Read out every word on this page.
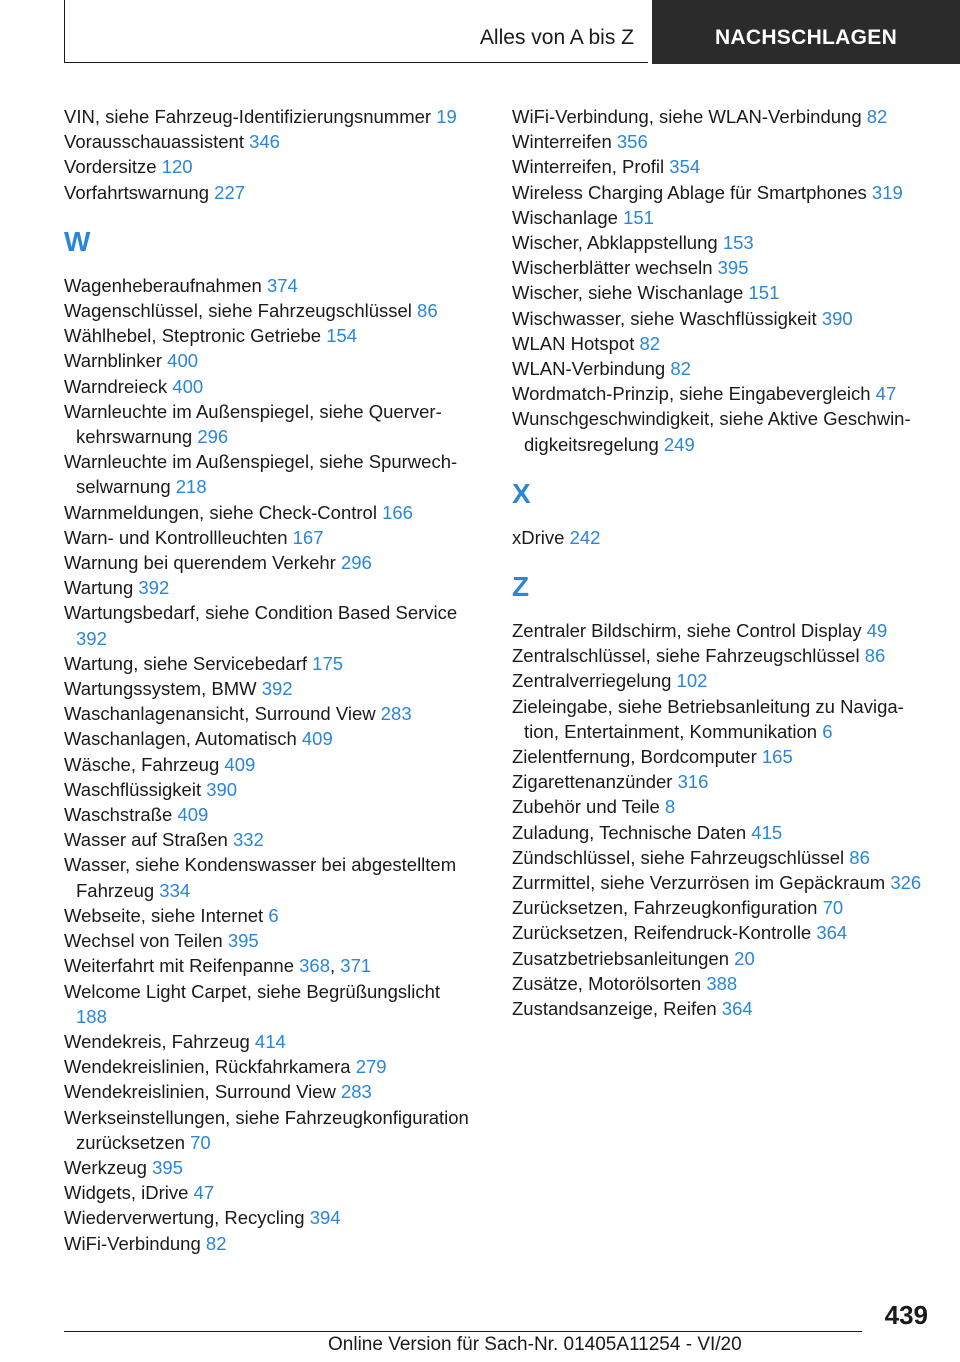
Alles von A bis Z	NACHSCHLAGEN
VIN, siehe Fahrzeug-Identifizierungsnummer 19
Vorausschauassistent 346
Vordersitze 120
Vorfahrtswarnung 227
W
Wagenheberaufnahmen 374
Wagenschlüssel, siehe Fahrzeugschlüssel 86
Wählhebel, Steptronic Getriebe 154
Warnblinker 400
Warndreieck 400
Warnleuchte im Außenspiegel, siehe Querverkehrswarnung 296
Warnleuchte im Außenspiegel, siehe Spurwechselwarnung 218
Warnmeldungen, siehe Check-Control 166
Warn- und Kontrollleuchten 167
Warnung bei querendem Verkehr 296
Wartung 392
Wartungsbedarf, siehe Condition Based Service 392
Wartung, siehe Servicebedarf 175
Wartungssystem, BMW 392
Waschanlagenansicht, Surround View 283
Waschanlagen, Automatisch 409
Wäsche, Fahrzeug 409
Waschflüssigkeit 390
Waschstraße 409
Wasser auf Straßen 332
Wasser, siehe Kondenswasser bei abgestelltem Fahrzeug 334
Webseite, siehe Internet 6
Wechsel von Teilen 395
Weiterfahrt mit Reifenpanne 368, 371
Welcome Light Carpet, siehe Begrüßungslicht 188
Wendekreis, Fahrzeug 414
Wendekreislinien, Rückfahrkamera 279
Wendekreislinien, Surround View 283
Werkseinstellungen, siehe Fahrzeugkonfiguration zurücksetzen 70
Werkzeug 395
Widgets, iDrive 47
Wiederverwertung, Recycling 394
WiFi-Verbindung 82
WiFi-Verbindung, siehe WLAN-Verbindung 82
Winterreifen 356
Winterreifen, Profil 354
Wireless Charging Ablage für Smartphones 319
Wischanlage 151
Wischer, Abklappstellung 153
Wischerblätter wechseln 395
Wischer, siehe Wischanlage 151
Wischwasser, siehe Waschflüssigkeit 390
WLAN Hotspot 82
WLAN-Verbindung 82
Wordmatch-Prinzip, siehe Eingabevergleich 47
Wunschgeschwindigkeit, siehe Aktive Geschwindigkeitsregelung 249
X
xDrive 242
Z
Zentraler Bildschirm, siehe Control Display 49
Zentralschlüssel, siehe Fahrzeugschlüssel 86
Zentralverriegelung 102
Zieleingabe, siehe Betriebsanleitung zu Navigation, Entertainment, Kommunikation 6
Zielentfernung, Bordcomputer 165
Zigarettenanzünder 316
Zubehör und Teile 8
Zuladung, Technische Daten 415
Zündschlüssel, siehe Fahrzeugschlüssel 86
Zurrmittel, siehe Verzurrösen im Gepäckraum 326
Zurücksetzen, Fahrzeugkonfiguration 70
Zurücksetzen, Reifendruck-Kontrolle 364
Zusatzbetriebsanleitungen 20
Zusätze, Motorölsorten 388
Zustandsanzeige, Reifen 364
439
Online Version für Sach-Nr. 01405A11254 - VI/20
